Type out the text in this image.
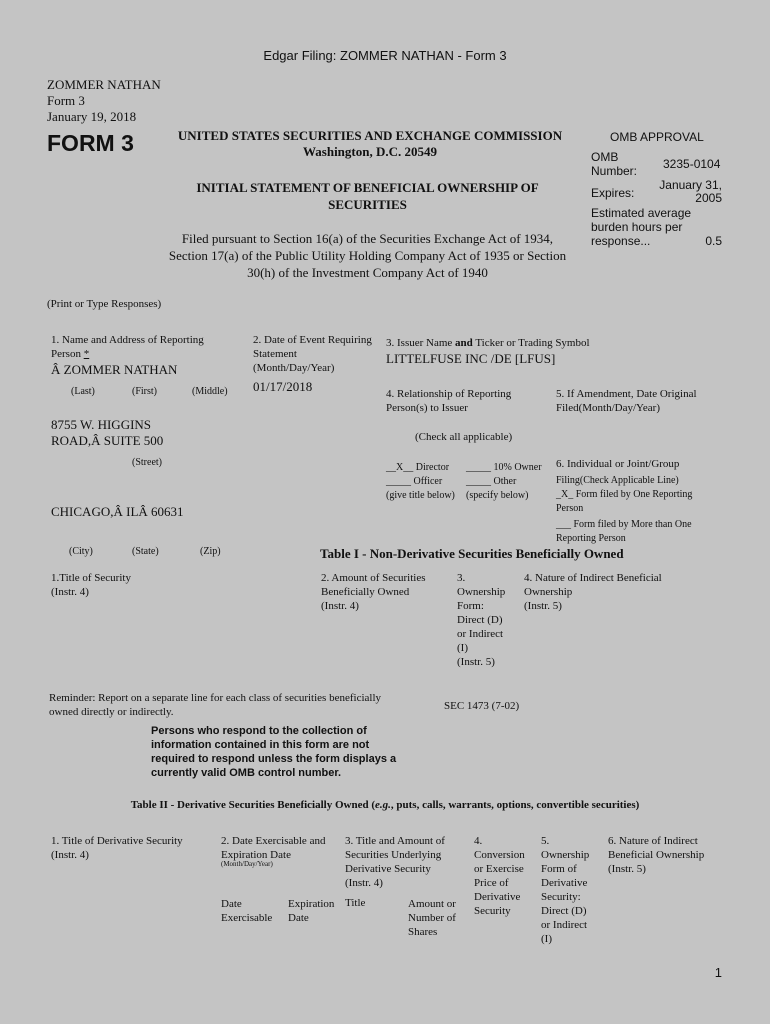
Edgar Filing: ZOMMER NATHAN - Form 3
ZOMMER NATHAN
Form 3
January 19, 2018
FORM 3	UNITED STATES SECURITIES AND EXCHANGE COMMISSION
Washington, D.C. 20549
INITIAL STATEMENT OF BENEFICIAL OWNERSHIP OF
SECURITIES
Filed pursuant to Section 16(a) of the Securities Exchange Act of 1934,
Section 17(a) of the Public Utility Holding Company Act of 1935 or Section
30(h) of the Investment Company Act of 1940
OMB APPROVAL
OMB
Number: 3235-0104
Expires:
January 31,
2005
Estimated average
burden hours per
response...	0.5
(Print or Type Responses)
1. Name and Address of Reporting
Person *
Â ZOMMER NATHAN
(Last)	(First)	(Middle)
8755 W. HIGGINS
ROAD,Â SUITE 500
(Street)
CHICAGO,Â ILÂ 60631
(City)	(State)	(Zip)
2. Date of Event Requiring
Statement
(Month/Day/Year)
01/17/2018
3. Issuer Name and Ticker or Trading Symbol
LITTELFUSE INC /DE [LFUS]
4. Relationship of Reporting
Person(s) to Issuer
(Check all applicable)
__X__ Director
_____ Officer
(give title below)
_____ 10% Owner
_____ Other
(specify below)
5. If Amendment, Date Original
Filed(Month/Day/Year)
6. Individual or Joint/Group
Filing(Check Applicable Line)
_X_ Form filed by One Reporting
Person
___ Form filed by More than One
Reporting Person
Table I - Non-Derivative Securities Beneficially Owned
1.Title of Security
(Instr. 4)
2. Amount of Securities
Beneficially Owned
(Instr. 4)
3.
Ownership
Form:
Direct (D)
or Indirect
(I)
(Instr. 5)
4. Nature of Indirect Beneficial
Ownership
(Instr. 5)
Reminder: Report on a separate line for each class of securities beneficially
owned directly or indirectly.	SEC 1473 (7-02)
Persons who respond to the collection of
information contained in this form are not
required to respond unless the form displays a
currently valid OMB control number.
Table II - Derivative Securities Beneficially Owned (e.g., puts, calls, warrants, options, convertible securities)
1. Title of Derivative Security
(Instr. 4)
2. Date Exercisable and
Expiration Date
(Month/Day/Year)
Date
Exercisable
Expiration
Date
3. Title and Amount of
Securities Underlying
Derivative Security
(Instr. 4)
Title	Amount or
Number of
Shares
4.
Conversion
or Exercise
Price of
Derivative
Security
5.
Ownership
Form of
Derivative
Security:
Direct (D)
or Indirect
(I)
6. Nature of Indirect
Beneficial Ownership
(Instr. 5)
1
